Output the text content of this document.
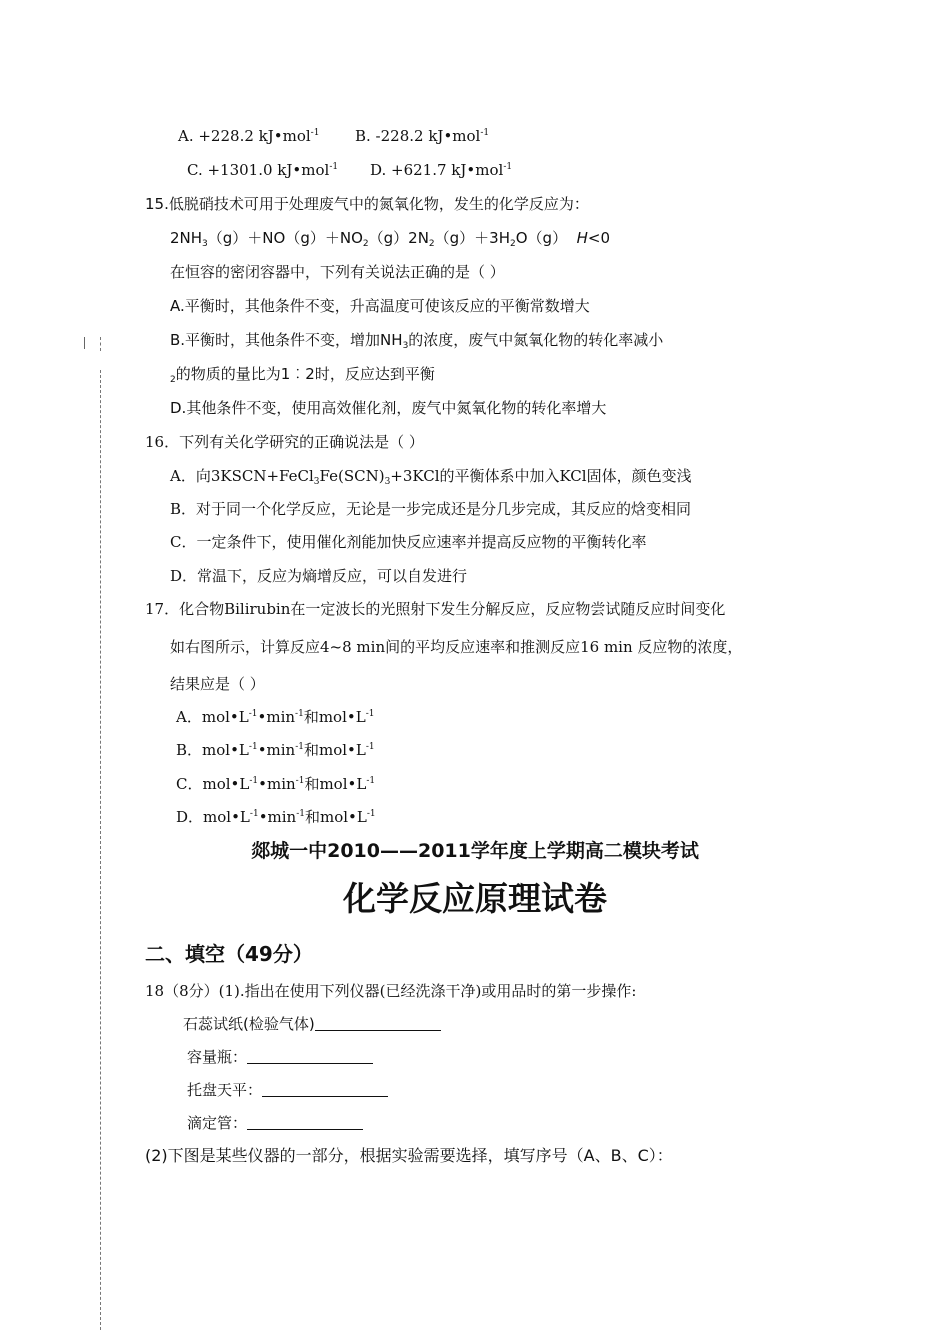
A. +228.2 kJ•mol$^{-1}$ B. -228.2 kJ•mol$^{-1}$
C. +1301.0 kJ•mol$^{-1}$ D. +621.7 kJ•mol$^{-1}$
15.低脱硝技术可用于处理废气中的氮氧化物，发生的化学反应为：
$2NH_3(g)+NO(g)+NO_2(g)2N_2(g)+3H_2O(g)$ H<0
在恒容的密闭容器中，下列有关说法正确的是（ ）
A.平衡时，其他条件不变，升高温度可使该反应的平衡常数增大
B.平衡时，其他条件不变，增加$NH_3$的浓度，废气中氮氧化物的转化率减小
$_2$的物质的量比为1︰2时，反应达到平衡
D.其他条件不变，使用高效催化剂，废气中氮氧化物的转化率增大
16．下列有关化学研究的正确说法是（ ）
A．向$3KSCN+FeCl_3Fe(SCN)_3+3KCl$的平衡体系中加入KCl固体，颜色变浅
B．对于同一个化学反应，无论是一步完成还是分几步完成，其反应的焓变相同
C．一定条件下，使用催化剂能加快反应速率并提高反应物的平衡转化率
D．常温下，反应为熵增反应，可以自发进行
17．化合物Bilirubin在一定波长的光照射下发生分解反应，反应物尝试随反应时间变化
如右图所示，计算反应4~8 min间的平均反应速率和推测反应16 min 反应物的浓度，
结果应是（ ）
A．$mol•L^{-1}•\min^{-1}$和$mol•L^{-1}$
B．$mol•L^{-1}•\min^{-1}$和$mol•L^{-1}$
C．$mol•L^{-1}•\min^{-1}$和$mol•L^{-1}$
D．$mol•L^{-1}•\min^{-1}$和$mol•L^{-1}$
郯城一中2010——2011学年度上学期高二模块考试
化学反应原理试卷
二、填空（49分）
18（8分）(1).指出在使用下列仪器(已经洗涤干净)或用品时的第一步操作:
石蕊试纸(检验气体)
容量瓶：
托盘天平：
滴定管：
(2)下图是某些仪器的一部分，根据实验需要选择，填写序号（A、B、C）：
